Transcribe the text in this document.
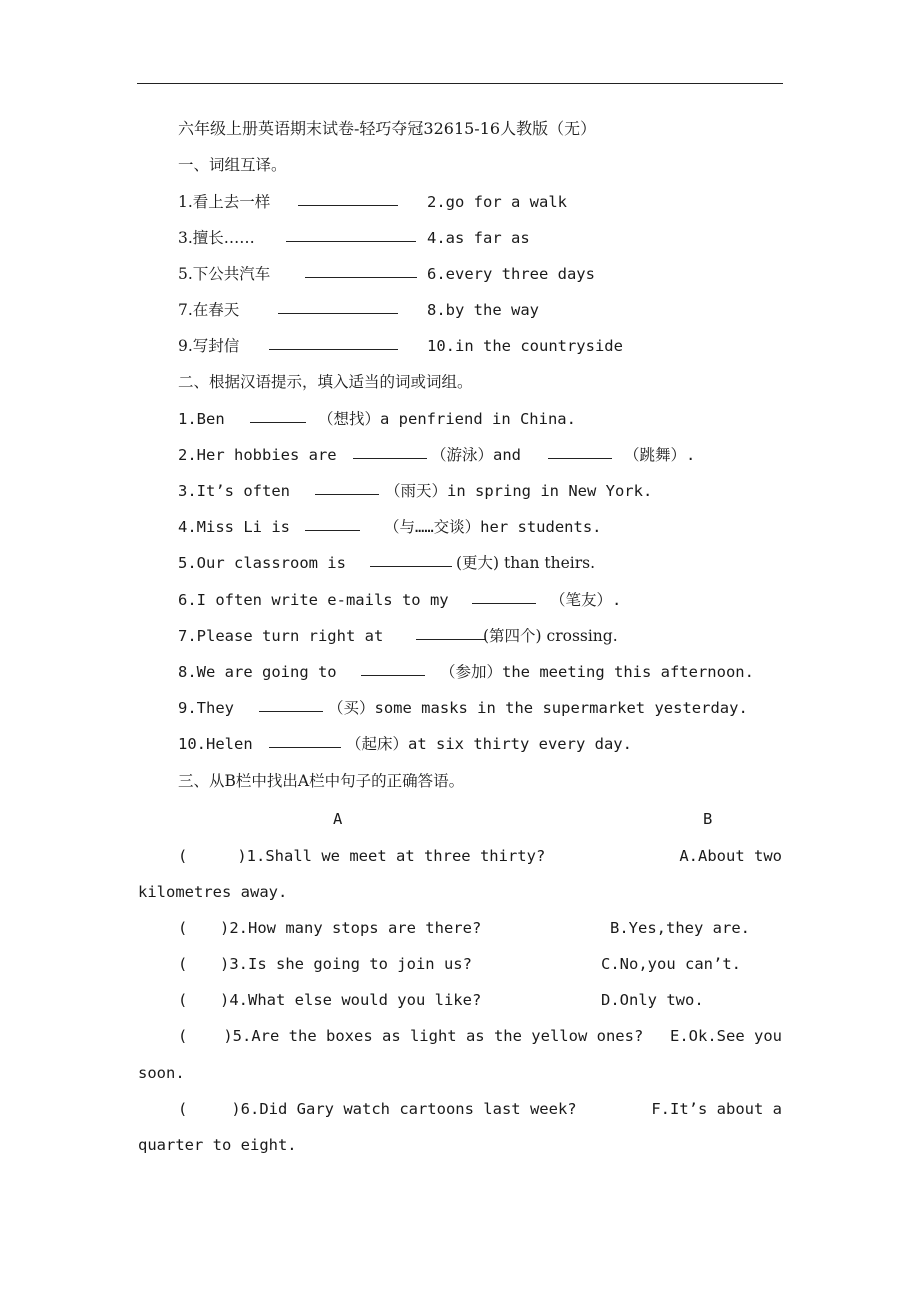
六年级上册英语期末试卷-轻巧夺冠32615-16人教版（无）
一、词组互译。
1.看上去一样	2.go for a walk
3.擅长……	4.as far as
5.下公共汽车	6.every three days
7.在春天	8.by the way
9.写封信	10.in the countryside
二、根据汉语提示，填入适当的词或词组。
1.Ben	（想找）a penfriend in China.
2.Her hobbies are	（游泳）and	（跳舞）.
3.It’s often	（雨天）in spring in New York.
4.Miss Li is	（与……交谈）her students.
5.Our classroom is	(更大) than theirs.
6.I often write e-mails to my	（笔友）.
7.Please turn right at	(第四个) crossing.
8.We are going to	（参加）the meeting this afternoon.
9.They	（买）some masks in the supermarket yesterday.
10.Helen	（起床）at six thirty every day.
三、从B栏中找出A栏中句子的正确答语。
A	B
(	)1.Shall we meet at three thirty?	A.About two
kilometres away.
( )2.How many stops are there?	B.Yes,they are.
( )3.Is she going to join us?	C.No,you can’t.
( )4.What else would you like?	D.Only two.
( )5.Are the boxes as light as the yellow ones? E.Ok.See you
soon.
(	)6.Did Gary watch cartoons last week?	F.It’s about a
quarter to eight.
